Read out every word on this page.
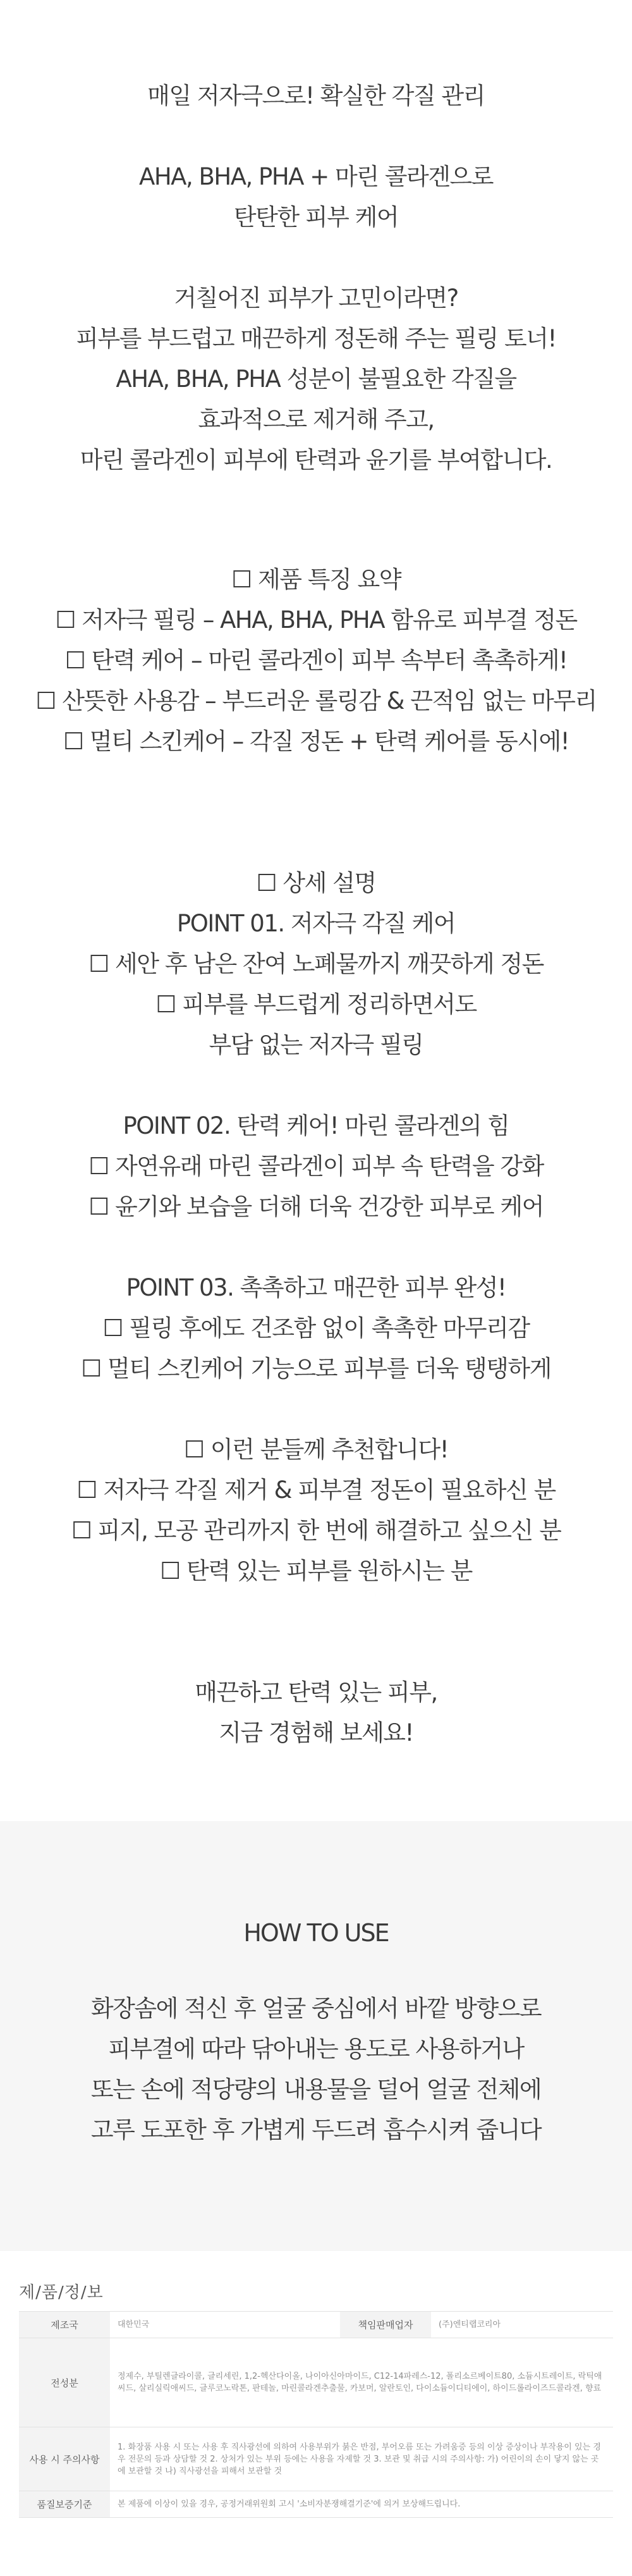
매일 저자극으로! 확실한 각질 관리

AHA, BHA, PHA + 마린 콜라겐으로
탄탄한 피부 케어

거칠어진 피부가 고민이라면?
피부를 부드럽고 매끈하게 정돈해 주는 필링 토너!
AHA, BHA, PHA 성분이 불필요한 각질을
효과적으로 제거해 주고,
마린 콜라겐이 피부에 탄력과 윤기를 부여합니다.
☐ 제품 특징 요약
☐ 저자극 필링 – AHA, BHA, PHA 함유로 피부결 정돈
☐ 탄력 케어 – 마린 콜라겐이 피부 속부터 촉촉하게!
☐ 산뜻한 사용감 – 부드러운 롤링감 & 끈적임 없는 마무리
☐ 멀티 스킨케어 – 각질 정돈 + 탄력 케어를 동시에!
☐ 상세 설명
POINT 01. 저자극 각질 케어
☐ 세안 후 남은 잔여 노폐물까지 깨끗하게 정돈
☐ 피부를 부드럽게 정리하면서도
부담 없는 저자극 필링

POINT 02. 탄력 케어! 마린 콜라겐의 힘
☐ 자연유래 마린 콜라겐이 피부 속 탄력을 강화
☐ 윤기와 보습을 더해 더욱 건강한 피부로 케어

POINT 03. 촉촉하고 매끈한 피부 완성!
☐ 필링 후에도 건조함 없이 촉촉한 마무리감
☐ 멀티 스킨케어 기능으로 피부를 더욱 탱탱하게

☐ 이런 분들께 추천합니다!
☐ 저자극 각질 제거 & 피부결 정돈이 필요하신 분
☐ 피지, 모공 관리까지 한 번에 해결하고 싶으신 분
☐ 탄력 있는 피부를 원하시는 분
매끈하고 탄력 있는 피부,
지금 경험해 보세요!
HOW TO USE
화장솜에 적신 후 얼굴 중심에서 바깥 방향으로
피부결에 따라 닦아내는 용도로 사용하거나
또는 손에 적당량의 내용물을 덜어 얼굴 전체에
고루 도포한 후 가볍게 두드려 흡수시켜 줍니다
제/품/정/보
제조국	대한민국	책임판매업자	(주)엔티랩코리아
전성분	정제수, 부틸렌글라이콜, 글리세린, 1,2-헥산다이올, 나이아신아마이드, C12-14파레스-12, 폴리소르베이트80, 소듐시트레이트, 락틱애씨드, 살리실릭애씨드, 글루코노락톤, 판테놀, 마린콜라겐추출물, 카보머, 알란토인, 다이소듐이디티에이, 하이드롤라이즈드콜라겐, 향료		
사용 시 주의사항	1. 화장품 사용 시 또는 사용 후 직사광선에 의하여 사용부위가 붉은 반점, 부어오름 또는 가려움증 등의 이상 증상이나 부작용이 있는 경우 전문의 등과 상담할 것 2. 상처가 있는 부위 등에는 사용을 자제할 것 3. 보관 및 취급 시의 주의사항: 가) 어린이의 손이 닿지 않는 곳에 보관할 것 나) 직사광선을 피해서 보관할 것		
품질보증기준	본 제품에 이상이 있을 경우, 공정거래위원회 고시 '소비자분쟁해결기준'에 의거 보상해드립니다.		
